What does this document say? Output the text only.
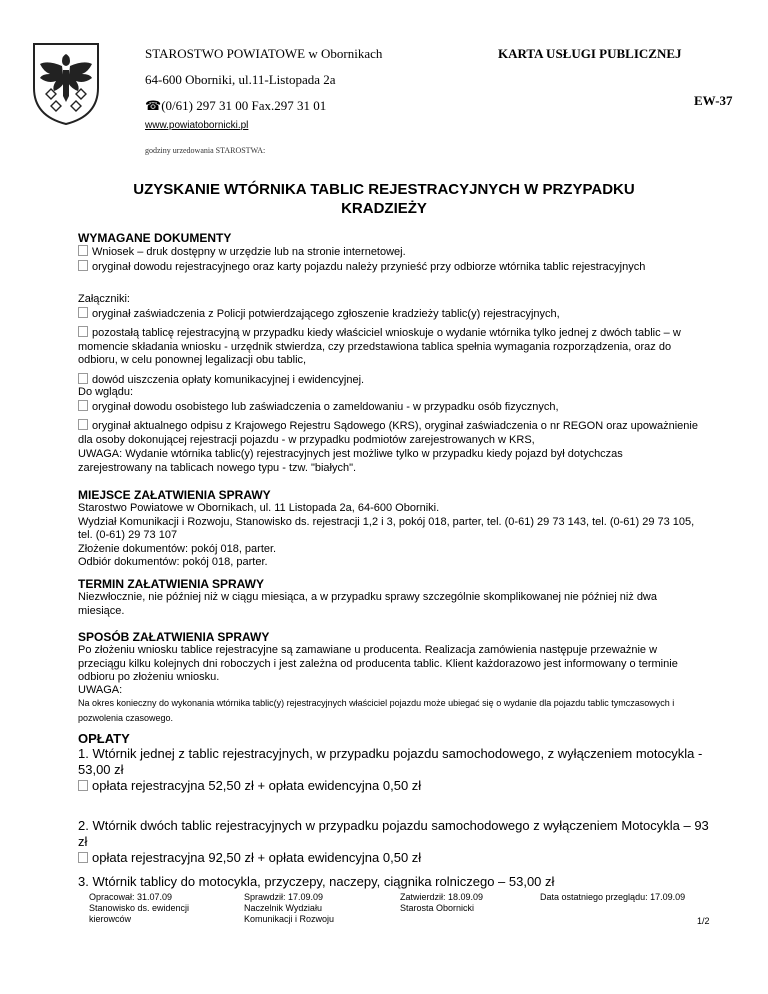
STAROSTWO POWIATOWE w Obornikach	KARTA USŁUGI PUBLICZNEJ
64-600 Oborniki, ul.11-Listopada 2a
EW-37
☎(0/61) 297 31 00 Fax.297 31 01
www.powiatobornicki.pl
godziny urzedowania STAROSTWA:
UZYSKANIE WTÓRNIKA TABLIC REJESTRACYJNYCH W PRZYPADKU KRADZIEŻY
WYMAGANE DOKUMENTY
Wniosek – druk dostępny w urzędzie lub na stronie internetowej.
oryginał dowodu rejestracyjnego oraz karty pojazdu należy przynieść przy odbiorze wtórnika tablic rejestracyjnych
Załączniki:
oryginał zaświadczenia z Policji potwierdzającego zgłoszenie kradzieży tablic(y) rejestracyjnych,
pozostałą tablicę rejestracyjną w przypadku kiedy właściciel wnioskuje o wydanie wtórnika tylko jednej z dwóch tablic – w momencie składania wniosku - urzędnik stwierdza, czy przedstawiona tablica spełnia wymagania rozporządzenia, oraz do odbioru, w celu ponownej legalizacji obu tablic,
dowód uiszczenia opłaty komunikacyjnej i ewidencyjnej.
Do wglądu:
oryginał dowodu osobistego lub zaświadczenia o zameldowaniu - w przypadku osób fizycznych,
oryginał aktualnego odpisu z Krajowego Rejestru Sądowego (KRS), oryginał zaświadczenia o nr REGON oraz upoważnienie dla osoby dokonującej rejestracji pojazdu - w przypadku podmiotów zarejestrowanych w KRS,
UWAGA: Wydanie wtórnika tablic(y) rejestracyjnych jest możliwe tylko w przypadku kiedy pojazd był dotychczas zarejestrowany na tablicach nowego typu - tzw. "białych".
MIEJSCE ZAŁATWIENIA SPRAWY
Starostwo Powiatowe w Obornikach, ul. 11 Listopada 2a, 64-600 Oborniki.
Wydział Komunikacji i Rozwoju, Stanowisko ds. rejestracji 1,2 i 3, pokój 018, parter, tel. (0-61) 29 73 143, tel. (0-61) 29 73 105, tel. (0-61) 29 73 107
Złożenie dokumentów: pokój 018, parter.
Odbiór dokumentów: pokój 018, parter.
TERMIN ZAŁATWIENIA SPRAWY
Niezwłocznie, nie później niż w ciągu miesiąca, a w przypadku sprawy szczególnie skomplikowanej nie później niż dwa miesiące.
SPOSÓB ZAŁATWIENIA SPRAWY
Po złożeniu wniosku tablice rejestracyjne są zamawiane u producenta. Realizacja zamówienia następuje przeważnie w przeciągu kilku kolejnych dni roboczych i jest zależna od producenta tablic. Klient każdorazowo jest informowany o terminie odbioru po złożeniu wniosku.
UWAGA:
Na okres konieczny do wykonania wtórnika tablic(y) rejestracyjnych właściciel pojazdu może ubiegać się o wydanie dla pojazdu tablic tymczasowych i pozwolenia czasowego.
OPŁATY
1. Wtórnik jednej z tablic rejestracyjnych, w przypadku pojazdu samochodowego, z wyłączeniem motocykla - 53,00 zł
opłata rejestracyjna 52,50 zł + opłata ewidencyjna 0,50 zł
2. Wtórnik dwóch tablic rejestracyjnych w przypadku pojazdu samochodowego z wyłączeniem Motocykla – 93 zł
opłata rejestracyjna 92,50 zł + opłata ewidencyjna 0,50 zł
3. Wtórnik tablicy do motocykla, przyczepy, naczepy, ciągnika rolniczego – 53,00 zł
Opracował: 31.07.09
Stanowisko ds. ewidencji
kierowców
Sprawdził: 17.09.09
Naczelnik Wydziału
Komunikacji i Rozwoju
Zatwierdził: 18.09.09
Starosta Obornicki
Data ostatniego przeglądu: 17.09.09
1/2
